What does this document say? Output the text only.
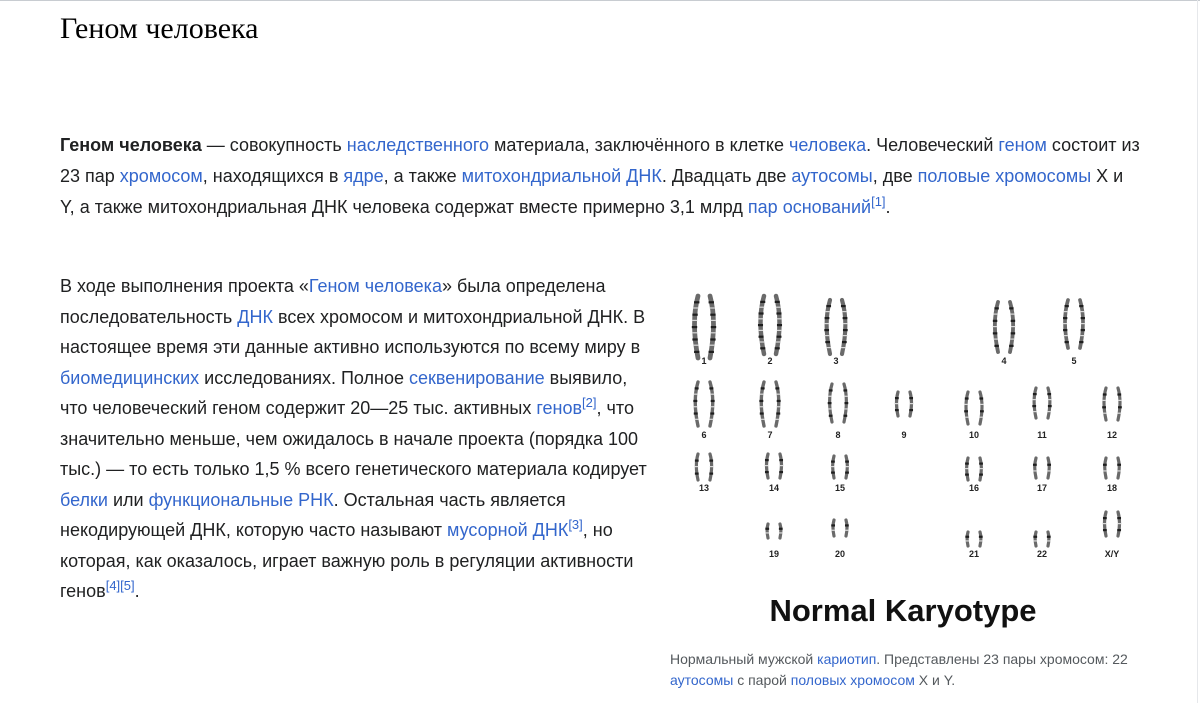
Геном человека

Геном человека — совокупность наследственного материала, заключённого в клетке человека. Человеческий геном состоит из 23 пар хромосом, находящихся в ядре, а также митохондриальной ДНК. Двадцать две аутосомы, две половые хромосомы X и Y, а также митохондриальная ДНК человека содержат вместе примерно 3,1 млрд пар оснований[1].

В ходе выполнения проекта «Геном человека» была определена последовательность ДНК всех хромосом и митохондриальной ДНК. В настоящее время эти данные активно используются по всему миру в биомедицинских исследованиях. Полное секвенирование выявило, что человеческий геном содержит 20—25 тыс. активных генов[2], что значительно меньше, чем ожидалось в начале проекта (порядка 100 тыс.) — то есть только 1,5 % всего генетического материала кодирует белки или функциональные РНК. Остальная часть является некодирующей ДНК, которую часто называют мусорной ДНК[3], но которая, как оказалось, играет важную роль в регуляции активности генов[4][5].

1	2	3	4	5
6	7	8	9	10	11	12
13	14	15	16	17	18
19	20	21	22	X/Y
Normal Karyotype

Нормальный мужской кариотип. Представлены 23 пары хромосом: 22 аутосомы с парой половых хромосом X и Y.
